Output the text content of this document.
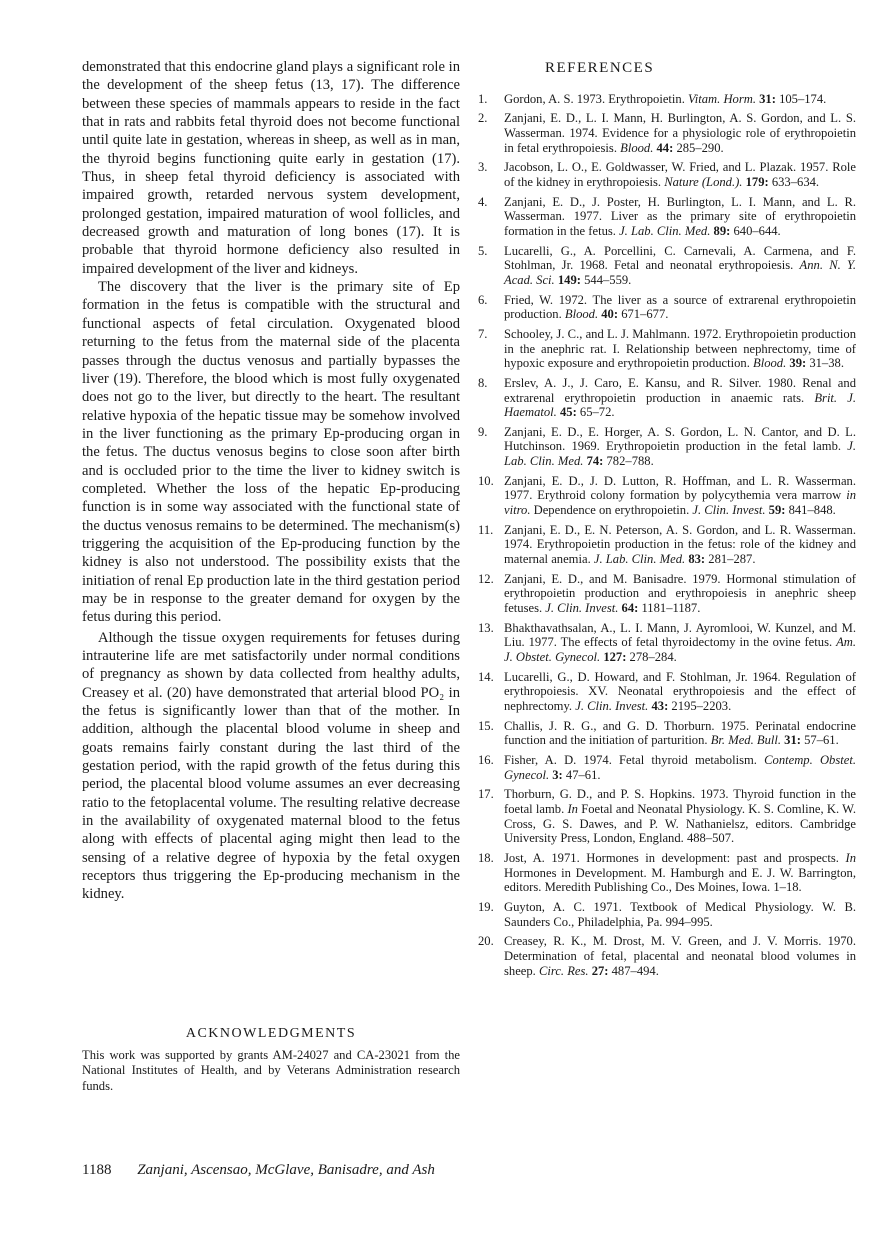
demonstrated that this endocrine gland plays a significant role in the development of the sheep fetus (13, 17). The difference between these species of mammals appears to reside in the fact that in rats and rabbits fetal thyroid does not become functional until quite late in gestation, whereas in sheep, as well as in man, the thyroid begins functioning quite early in gestation (17). Thus, in sheep fetal thyroid deficiency is associated with impaired growth, retarded nervous system development, prolonged gestation, impaired maturation of wool follicles, and decreased growth and maturation of long bones (17). It is probable that thyroid hormone deficiency also resulted in impaired development of the liver and kidneys.

The discovery that the liver is the primary site of Ep formation in the fetus is compatible with the structural and functional aspects of fetal circulation. Oxygenated blood returning to the fetus from the maternal side of the placenta passes through the ductus venosus and partially bypasses the liver (19). Therefore, the blood which is most fully oxygenated does not go to the liver, but directly to the heart. The resultant relative hypoxia of the hepatic tissue may be somehow involved in the liver functioning as the primary Ep-producing organ in the fetus. The ductus venosus begins to close soon after birth and is occluded prior to the time the liver to kidney switch is completed. Whether the loss of the hepatic Ep-producing function is in some way associated with the functional state of the ductus venosus remains to be determined. The mechanism(s) triggering the acquisition of the Ep-producing function by the kidney is also not understood. The possibility exists that the initiation of renal Ep production late in the third gestation period may be in response to the greater demand for oxygen by the fetus during this period.

Although the tissue oxygen requirements for fetuses during intrauterine life are met satisfactorily under normal conditions of pregnancy as shown by data collected from healthy adults, Creasey et al. (20) have demonstrated that arterial blood PO₂ in the fetus is significantly lower than that of the mother. In addition, although the placental blood volume in sheep and goats remains fairly constant during the last third of the gestation period, with the rapid growth of the fetus during this period, the placental blood volume assumes an ever decreasing ratio to the fetoplacental volume. The resulting relative decrease in the availability of oxygenated maternal blood to the fetus along with effects of placental aging might then lead to the sensing of a relative degree of hypoxia by the fetal oxygen receptors thus triggering the Ep-producing mechanism in the kidney.

ACKNOWLEDGMENTS

This work was supported by grants AM-24027 and CA-23021 from the National Institutes of Health, and by Veterans Administration research funds.

REFERENCES
1.	Gordon, A. S. 1973. Erythropoietin. Vitam. Horm. 31: 105–174.
2.	Zanjani, E. D., L. I. Mann, H. Burlington, A. S. Gordon, and L. S. Wasserman. 1974. Evidence for a physiologic role of erythropoietin in fetal erythropoiesis. Blood. 44: 285–290.
3.	Jacobson, L. O., E. Goldwasser, W. Fried, and L. Plazak. 1957. Role of the kidney in erythropoiesis. Nature (Lond.). 179: 633–634.
4.	Zanjani, E. D., J. Poster, H. Burlington, L. I. Mann, and L. R. Wasserman. 1977. Liver as the primary site of erythropoietin formation in the fetus. J. Lab. Clin. Med. 89: 640–644.
5.	Lucarelli, G., A. Porcellini, C. Carnevali, A. Carmena, and F. Stohlman, Jr. 1968. Fetal and neonatal erythropoiesis. Ann. N. Y. Acad. Sci. 149: 544–559.
6.	Fried, W. 1972. The liver as a source of extrarenal erythropoietin production. Blood. 40: 671–677.
7.	Schooley, J. C., and L. J. Mahlmann. 1972. Erythropoietin production in the anephric rat. I. Relationship between nephrectomy, time of hypoxic exposure and erythropoietin production. Blood. 39: 31–38.
8.	Erslev, A. J., J. Caro, E. Kansu, and R. Silver. 1980. Renal and extrarenal erythropoietin production in anaemic rats. Brit. J. Haematol. 45: 65–72.
9.	Zanjani, E. D., E. Horger, A. S. Gordon, L. N. Cantor, and D. L. Hutchinson. 1969. Erythropoietin production in the fetal lamb. J. Lab. Clin. Med. 74: 782–788.
10. Zanjani, E. D., J. D. Lutton, R. Hoffman, and L. R. Wasserman. 1977. Erythroid colony formation by polycythemia vera marrow in vitro. Dependence on erythropoietin. J. Clin. Invest. 59: 841–848.
11. Zanjani, E. D., E. N. Peterson, A. S. Gordon, and L. R. Wasserman. 1974. Erythropoietin production in the fetus: role of the kidney and maternal anemia. J. Lab. Clin. Med. 83: 281–287.
12. Zanjani, E. D., and M. Banisadre. 1979. Hormonal stimulation of erythropoietin production and erythropoiesis in anephric sheep fetuses. J. Clin. Invest. 64: 1181–1187.
13. Bhakthavathsalan, A., L. I. Mann, J. Ayromlooi, W. Kunzel, and M. Liu. 1977. The effects of fetal thyroidectomy in the ovine fetus. Am. J. Obstet. Gynecol. 127: 278–284.
14. Lucarelli, G., D. Howard, and F. Stohlman, Jr. 1964. Regulation of erythropoiesis. XV. Neonatal erythropoiesis and the effect of nephrectomy. J. Clin. Invest. 43: 2195–2203.
15. Challis, J. R. G., and G. D. Thorburn. 1975. Perinatal endocrine function and the initiation of parturition. Br. Med. Bull. 31: 57–61.
16. Fisher, A. D. 1974. Fetal thyroid metabolism. Contemp. Obstet. Gynecol. 3: 47–61.
17. Thorburn, G. D., and P. S. Hopkins. 1973. Thyroid function in the foetal lamb. In Foetal and Neonatal Physiology. K. S. Comline, K. W. Cross, G. S. Dawes, and P. W. Nathanielsz, editors. Cambridge University Press, London, England. 488–507.
18. Jost, A. 1971. Hormones in development: past and prospects. In Hormones in Development. M. Hamburgh and E. J. W. Barrington, editors. Meredith Publishing Co., Des Moines, Iowa. 1–18.
19. Guyton, A. C. 1971. Textbook of Medical Physiology. W. B. Saunders Co., Philadelphia, Pa. 994–995.
20. Creasey, R. K., M. Drost, M. V. Green, and J. V. Morris. 1970. Determination of fetal, placental and neonatal blood volumes in sheep. Circ. Res. 27: 487–494.
1188 Zanjani, Ascensao, McGlave, Banisadre, and Ash
